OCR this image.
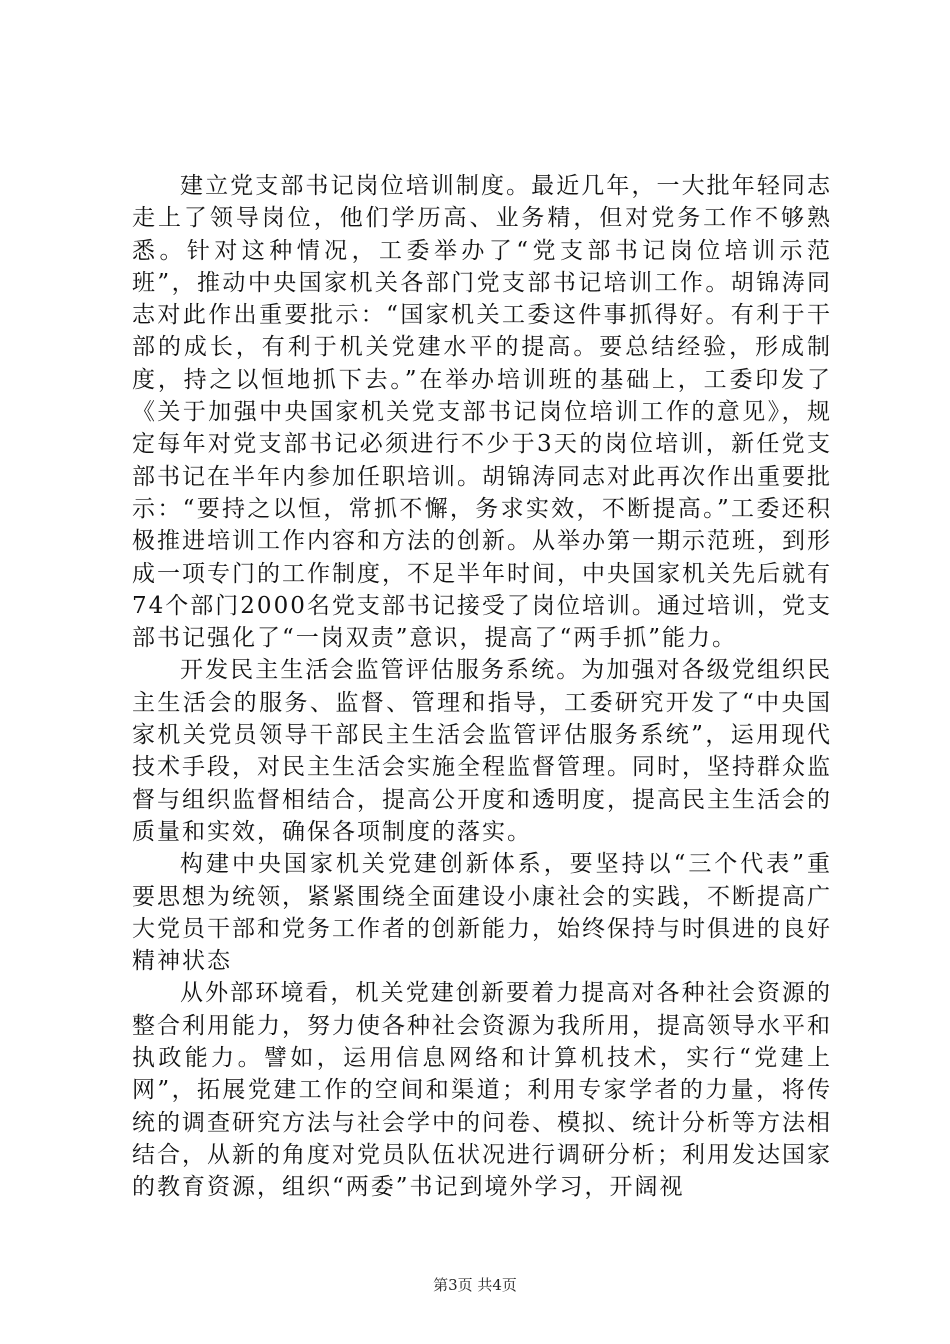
建立党支部书记岗位培训制度。最近几年，一大批年轻同志走上了领导岗位，他们学历高、业务精，但对党务工作不够熟悉。针对这种情况，工委举办了“党支部书记岗位培训示范班”，推动中央国家机关各部门党支部书记培训工作。胡锦涛同志对此作出重要批示：“国家机关工委这件事抓得好。有利于干部的成长，有利于机关党建水平的提高。要总结经验，形成制度，持之以恒地抓下去。”在举办培训班的基础上，工委印发了《关于加强中央国家机关党支部书记岗位培训工作的意见》，规定每年对党支部书记必须进行不少于3天的岗位培训，新任党支部书记在半年内参加任职培训。胡锦涛同志对此再次作出重要批示：“要持之以恒，常抓不懈，务求实效，不断提高。”工委还积极推进培训工作内容和方法的创新。从举办第一期示范班，到形成一项专门的工作制度，不足半年时间，中央国家机关先后就有74个部门2000名党支部书记接受了岗位培训。通过培训，党支部书记强化了“一岗双责”意识，提高了“两手抓”能力。

开发民主生活会监管评估服务系统。为加强对各级党组织民主生活会的服务、监督、管理和指导，工委研究开发了“中央国家机关党员领导干部民主生活会监管评估服务系统”，运用现代技术手段，对民主生活会实施全程监督管理。同时，坚持群众监督与组织监督相结合，提高公开度和透明度，提高民主生活会的质量和实效，确保各项制度的落实。

构建中央国家机关党建创新体系，要坚持以“三个代表”重要思想为统领，紧紧围绕全面建设小康社会的实践，不断提高广大党员干部和党务工作者的创新能力，始终保持与时俱进的良好精神状态

从外部环境看，机关党建创新要着力提高对各种社会资源的整合利用能力，努力使各种社会资源为我所用，提高领导水平和执政能力。譬如，运用信息网络和计算机技术，实行“党建上网”，拓展党建工作的空间和渠道；利用专家学者的力量，将传统的调查研究方法与社会学中的问卷、模拟、统计分析等方法相结合，从新的角度对党员队伍状况进行调研分析；利用发达国家的教育资源，组织“两委”书记到境外学习，开阔视

第3页 共4页
